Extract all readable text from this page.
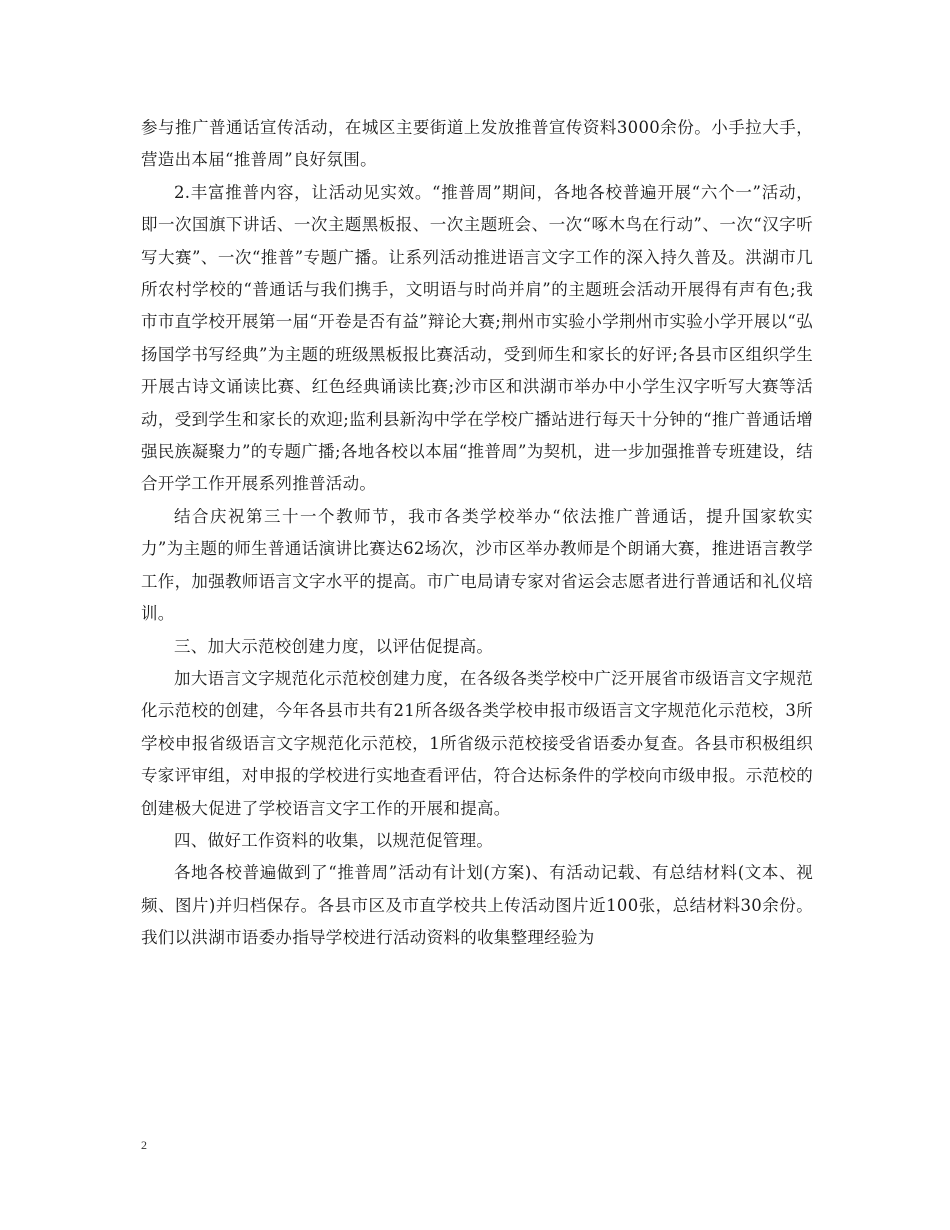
参与推广普通话宣传活动，在城区主要街道上发放推普宣传资料3000余份。小手拉大手，营造出本届“推普周”良好氛围。

2.丰富推普内容，让活动见实效。“推普周”期间，各地各校普遍开展“六个一”活动，即一次国旗下讲话、一次主题黑板报、一次主题班会、一次“啄木鸟在行动”、一次“汉字听写大赛”、一次“推普”专题广播。让系列活动推进语言文字工作的深入持久普及。洪湖市几所农村学校的“普通话与我们携手，文明语与时尚并肩”的主题班会活动开展得有声有色;我市市直学校开展第一届“开卷是否有益”辩论大赛;荆州市实验小学荆州市实验小学开展以“弘扬国学书写经典”为主题的班级黑板报比赛活动，受到师生和家长的好评;各县市区组织学生开展古诗文诵读比赛、红色经典诵读比赛;沙市区和洪湖市举办中小学生汉字听写大赛等活动，受到学生和家长的欢迎;监利县新沟中学在学校广播站进行每天十分钟的“推广普通话增强民族凝聚力”的专题广播;各地各校以本届“推普周”为契机，进一步加强推普专班建设，结合开学工作开展系列推普活动。

结合庆祝第三十一个教师节，我市各类学校举办“依法推广普通话，提升国家软实力”为主题的师生普通话演讲比赛达62场次，沙市区举办教师是个朗诵大赛，推进语言教学工作，加强教师语言文字水平的提高。市广电局请专家对省运会志愿者进行普通话和礼仪培训。

三、加大示范校创建力度，以评估促提高。

加大语言文字规范化示范校创建力度，在各级各类学校中广泛开展省市级语言文字规范化示范校的创建，今年各县市共有21所各级各类学校申报市级语言文字规范化示范校，3所学校申报省级语言文字规范化示范校，1所省级示范校接受省语委办复查。各县市积极组织专家评审组，对申报的学校进行实地查看评估，符合达标条件的学校向市级申报。示范校的创建极大促进了学校语言文字工作的开展和提高。

四、做好工作资料的收集，以规范促管理。

各地各校普遍做到了“推普周”活动有计划(方案)、有活动记载、有总结材料(文本、视频、图片)并归档保存。各县市区及市直学校共上传活动图片近100张，总结材料30余份。我们以洪湖市语委办指导学校进行活动资料的收集整理经验为

2
